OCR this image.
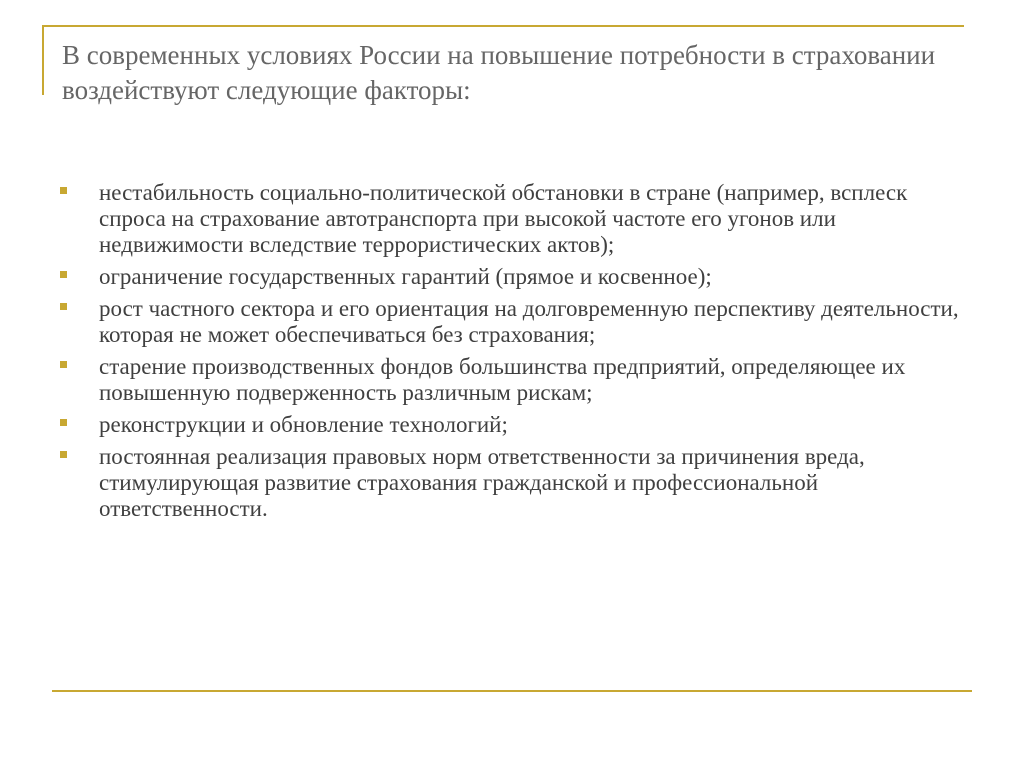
В современных условиях России на повышение потребности в страховании воздействуют следующие факторы:
нестабильность социально-политической обстановки в стране (например, всплеск спроса на страхование автотранспорта при высокой частоте его угонов или недвижимости вследствие террористических актов);
ограничение государственных гарантий (прямое и косвенное);
рост частного сектора и его ориентация на долговременную перспективу деятельности, которая не может обеспечиваться без страхования;
старение производственных фондов большинства предприятий, определяющее их повышенную подверженность различным рискам;
реконструкции и обновление технологий;
постоянная реализация правовых норм ответственности за причинения вреда, стимулирующая развитие страхования гражданской и профессиональной ответственности.
